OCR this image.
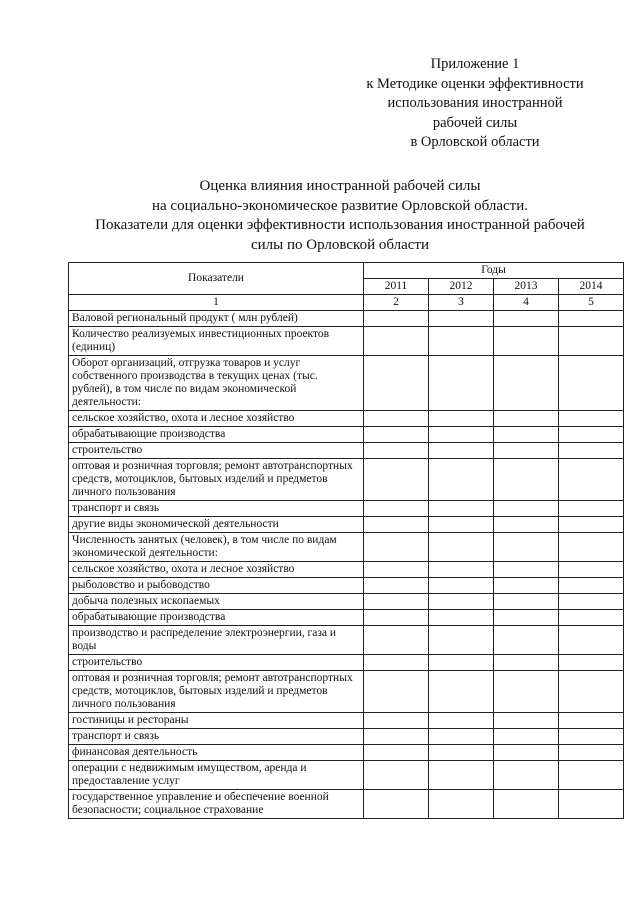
Приложение 1
к Методике оценки эффективности
использования иностранной
рабочей силы
в Орловской области
Оценка влияния иностранной рабочей силы
на социально-экономическое развитие Орловской области.
Показатели для оценки эффективности использования иностранной рабочей
силы по Орловской области
Показатели	Годы			
	2011	2012	2013	2014
1	2	3	4	5
Валовой региональный продукт ( млн рублей)				
Количество реализуемых инвестиционных проектов (единиц)				
Оборот организаций, отгрузка товаров и услуг собственного производства в текущих ценах (тыс. рублей), в том числе по видам экономической деятельности:				
сельское хозяйство, охота и лесное хозяйство				
обрабатывающие производства				
строительство				
оптовая и розничная торговля; ремонт автотранспортных средств, мотоциклов, бытовых изделий и предметов личного пользования				
транспорт и связь				
другие виды экономической деятельности				
Численность занятых (человек), в том числе по видам экономической деятельности:				
сельское хозяйство, охота и лесное хозяйство				
рыболовство и рыбоводство				
добыча полезных ископаемых				
обрабатывающие производства				
производство и распределение электроэнергии, газа и воды				
строительство				
оптовая и розничная торговля; ремонт автотранспортных средств, мотоциклов, бытовых изделий и предметов личного пользования				
гостиницы и рестораны				
транспорт и связь				
финансовая деятельность				
операции с недвижимым имуществом, аренда и предоставление услуг				
государственное управление и обеспечение военной безопасности; социальное страхование				
